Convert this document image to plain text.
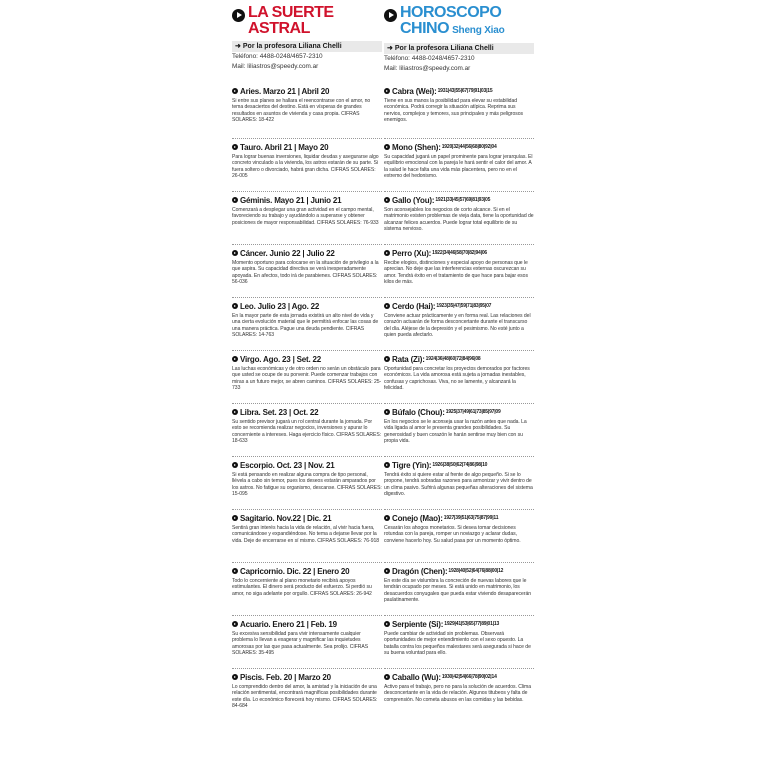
LA SUERTE
ASTRAL
➜ Por la profesora Liliana Chelli
Teléfono: 4488-0248/4657-2310
Mail: liliastros@speedy.com.ar
Aries. Marzo 21 | Abril 20
Si entre sus planes se hallara el reencontrarse con el amor, no tema desaciertos del destino. Está en vísperas de grandes resultados en asuntos de vivienda y casa propia. CIFRAS SOLARES: 18-422
Tauro. Abril 21 | Mayo 20
Para lograr buenas inversiones, liquidar deudas y asegurarse algo concreto vinculado a la vivienda, los astros estarán de su parte. Si fuera soltero o divorciado, habrá gran dicha. CIFRAS SOLARES: 26-005
Géminis. Mayo 21 | Junio 21
Comenzará a desplegar una gran actividad en el campo mental, favoreciendo su trabajo y ayudándolo a superarse y obtener posiciones de mayor responsabilidad. CIFRAS SOLARES: 76-933
Cáncer. Junio 22 | Julio 22
Momento oportuno para colocarse en la situación de privilegio a la que aspira. Su capacidad directiva se verá inesperadamente apoyada. En afectos, todo irá de parabienes. CIFRAS SOLARES: 56-036
Leo. Julio 23 | Ago. 22
En la mayor parte de esta jornada existirá un alto nivel de vida y una cierta evolución material que le permitirá enfocar las cosas de una manera práctica. Pague una deuda pendiente. CIFRAS SOLARES: 14-763
Virgo. Ago. 23 | Set. 22
Las luchas económicas y de otro orden no serán un obstáculo para que usted se ocupe de su porvenir. Puede comenzar trabajos con miras a un futuro mejor, se abren caminos. CIFRAS SOLARES: 25-733
Libra. Set. 23 | Oct. 22
Su sentido previsor jugará un rol central durante la jornada. Por esto se recomienda realizar negocios, inversiones y apurar lo concerniente a intereses. Haga ejercicio físico. CIFRAS SOLARES: 18-633
Escorpio. Oct. 23 | Nov. 21
Si está pensando en realizar alguna compra de tipo personal, llévela a cabo sin temor, pues los deseos estarán amparados por los astros. No fatigue su organismo, descanse. CIFRAS SOLARES: 15-095
Sagitario. Nov.22 | Dic. 21
Sentirá gran interés hacia la vida de relación, al vivir hacia fuera, comunicándose y expandiéndose. No tema a dejarse llevar por la vida. Deje de encerrarse en sí mismo. CIFRAS SOLARES: 76-918
Capricornio. Dic. 22 | Enero 20
Todo lo concerniente al plano monetario recibirá apoyos estimulantes. El dinero será producto del esfuerzo. Si perdió su amor, no siga adelante por orgullo. CIFRAS SOLARES: 26-942
Acuario. Enero 21 | Feb. 19
Su excesiva sensibilidad para vivir intensamente cualquier problema lo llevan a exagerar y magnificar las inquietudes amorosas por las que pasa actualmente. Sea prolijo. CIFRAS SOLARES: 35-495
Piscis. Feb. 20 | Marzo 20
Lo comprendido dentro del amor, la amistad y la iniciación de una relación sentimental, encontrará magníficas posibilidades durante este día. Lo económico florecerá hoy mismo. CIFRAS SOLARES: 84-684
HOROSCOPO
CHINO Sheng Xiao
➜ Por la profesora Liliana Chelli
Teléfono: 4488-0248/4657-2310
Mail: liliastros@speedy.com.ar
Cabra (Wei): 1931|43|55|67|79|91|03|15
Tiene en sus manos la posibilidad para elevar su estabilidad económica. Podrá corregir la situación atípica. Reprima sus nervios, complejos y temores, sus principales y más peligrosos enemigos.
Mono (Shen): 1920|32|44|56|68|80|92|04
Su capacidad jugará un papel prominente para lograr jerarquías. El equilibrio emocional con la pareja le hará sentir el calor del amor. A la salud le hace falta una vida más placentera, pero no en el extremo del hedonismo.
Gallo (You): 1921|33|45|57|69|81|93|05
Son aconsejables los negocios de corto alcance. Si en el matrimonio existen problemas de vieja data, tiene la oportunidad de alcanzar felices acuerdos. Puede lograr total equilibrio de su sistema nervioso.
Perro (Xu): 1922|34|46|58|70|82|94|06
Recibe elogios, distinciones y especial apoyo de personas que le aprecian. No deje que las interferencias externas oscurezcan su amor. Tendrá éxito en el tratamiento de que hace para bajar esos kilos de más.
Cerdo (Hai): 1923|35|47|59|71|83|95|07
Conviene actuar prácticamente y en forma real. Las relaciones del corazón actuarán de forma desconcertante durante el transcurso del día. Aléjese de la depresión y el pesimismo. No esté junto a quien pueda afectarlo.
Rata (Zi): 1924|36|48|60|72|84|96|08
Oportunidad para concretar los proyectos demorados por factores económicos. La vida amorosa está sujeta a jornadas inestables, confusas y caprichosas. Viva, no se lamente, y alcanzará la felicidad.
Búfalo (Chou): 1925|37|49|61|73|85|97|09
En los negocios se le aconseja usar la razón antes que nada. La vida ligada al amor le presenta grandes posibilidades. Su generosidad y buen corazón le harán sentirse muy bien con su propia vida.
Tigre (Yin): 1926|38|50|62|74|86|98|10
Tendrá éxito si quiere estar al frente de algo pequeño. Si se lo propone, tendrá sobradas razones para armonizar y vivir dentro de un clima pasivo. Sufrirá algunas pequeñas alteraciones del sistema digestivo.
Conejo (Mao): 1927|39|51|63|75|87|99|11
Cesarán los ahogos monetarios. Si desea tomar decisiones rotundas con la pareja, romper un noviazgo y aclarar dudas, conviene hacerlo hoy. Su salud pasa por un momento óptimo.
Dragón (Chen): 1928|40|52|64|76|88|00|12
En este día se vislumbra la concreción de nuevas labores que le tendrán ocupado por meses. Si está unido en matrimonio, los desacuerdos conyugales que pueda estar viviendo desaparecerán paulatinamente.
Serpiente (Si): 1929|41|53|65|77|89|01|13
Puede cambiar de actividad sin problemas. Observará oportunidades de mejor entendimiento con el sexo opuesto. La batalla contra los pequeños malestares será asegurada si hace de su buena voluntad para ello.
Caballo (Wu): 1930|42|54|66|78|90|02|14
Activo para el trabajo, pero no para la solución de acuerdos. Clima desconcertante en la vida de relación. Algunos titubeos y falta de comprensión. No cometa abusos en las comidas y las bebidas.
